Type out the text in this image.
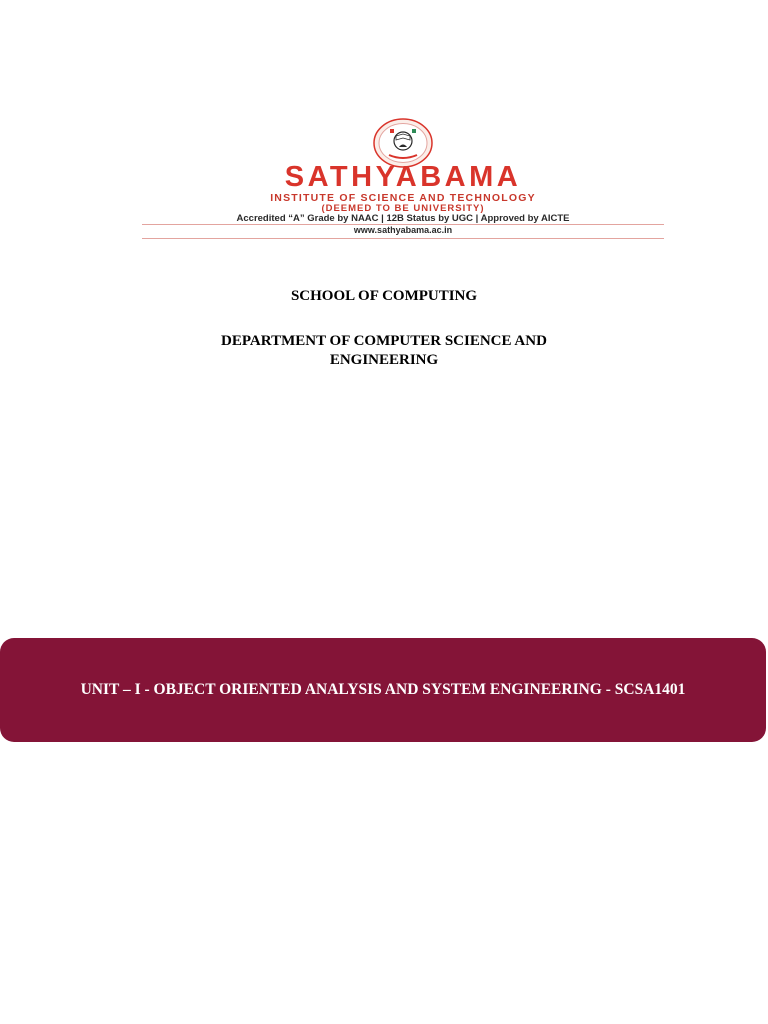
SATHYABAMA
INSTITUTE OF SCIENCE AND TECHNOLOGY
(DEEMED TO BE UNIVERSITY)
Accredited “A” Grade by NAAC | 12B Status by UGC | Approved by AICTE
www.sathyabama.ac.in
SCHOOL OF COMPUTING
DEPARTMENT OF COMPUTER SCIENCE AND
ENGINEERING
UNIT – I - OBJECT ORIENTED ANALYSIS AND SYSTEM ENGINEERING - SCSA1401
